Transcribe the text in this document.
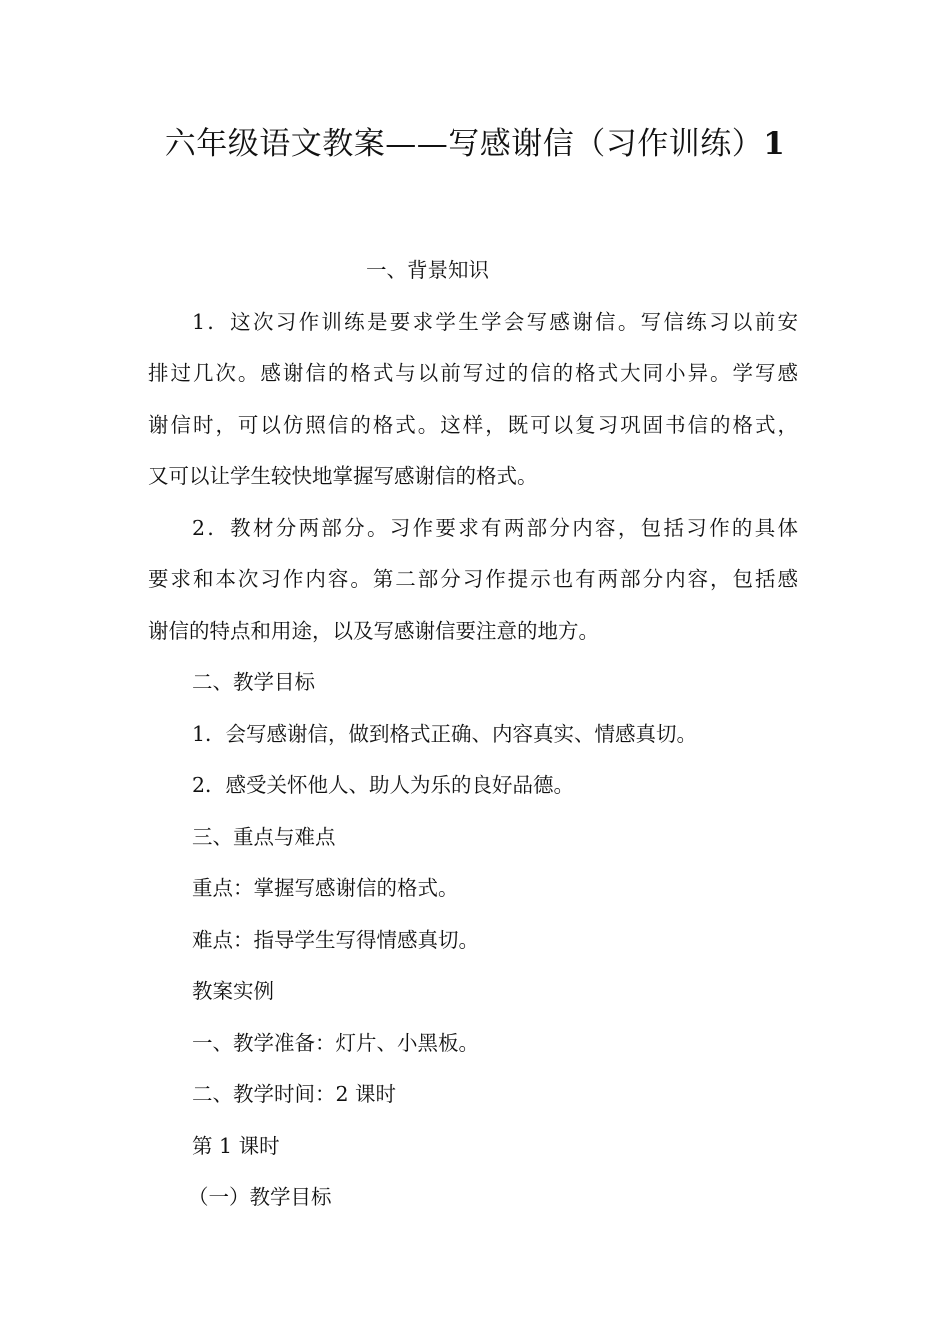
六年级语文教案——写感谢信（习作训练）1
一、背景知识
1．这次习作训练是要求学生学会写感谢信。写信练习以前安
排过几次。感谢信的格式与以前写过的信的格式大同小异。学写感
谢信时，可以仿照信的格式。这样，既可以复习巩固书信的格式，
又可以让学生较快地掌握写感谢信的格式。
2．教材分两部分。习作要求有两部分内容，包括习作的具体
要求和本次习作内容。第二部分习作提示也有两部分内容，包括感
谢信的特点和用途，以及写感谢信要注意的地方。
二、教学目标
1．会写感谢信，做到格式正确、内容真实、情感真切。
2．感受关怀他人、助人为乐的良好品德。
三、重点与难点
重点：掌握写感谢信的格式。
难点：指导学生写得情感真切。
教案实例
一、教学准备：灯片、小黑板。
二、教学时间：2 课时
第 1 课时
（一）教学目标
